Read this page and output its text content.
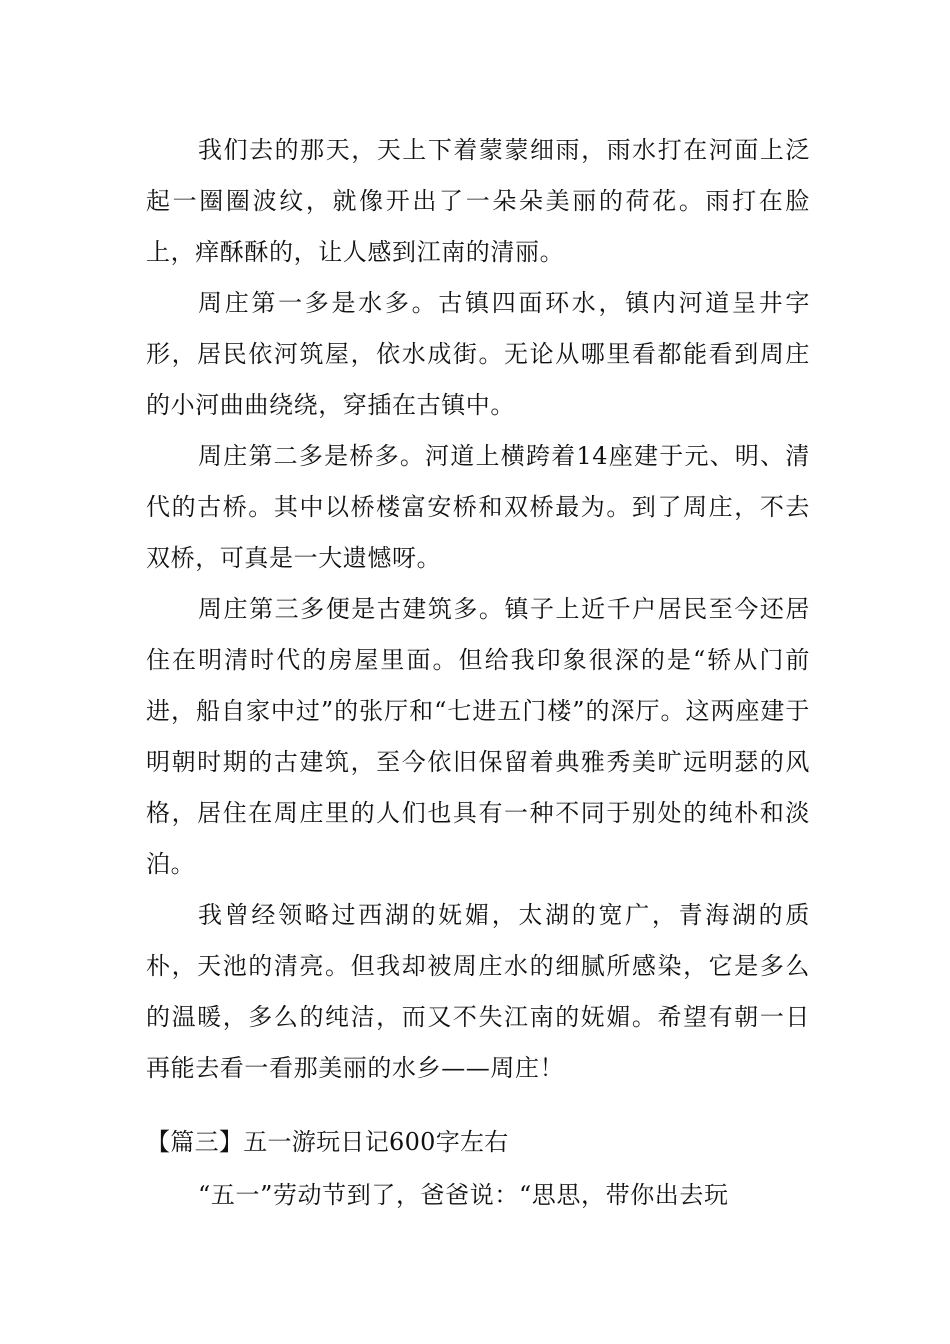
我们去的那天，天上下着蒙蒙细雨，雨水打在河面上泛起一圈圈波纹，就像开出了一朵朵美丽的荷花。雨打在脸上，痒酥酥的，让人感到江南的清丽。

周庄第一多是水多。古镇四面环水，镇内河道呈井字形，居民依河筑屋，依水成街。无论从哪里看都能看到周庄的小河曲曲绕绕，穿插在古镇中。

周庄第二多是桥多。河道上横跨着14座建于元、明、清代的古桥。其中以桥楼富安桥和双桥最为。到了周庄，不去双桥，可真是一大遗憾呀。

周庄第三多便是古建筑多。镇子上近千户居民至今还居住在明清时代的房屋里面。但给我印象很深的是“轿从门前进，船自家中过”的张厅和“七进五门楼”的深厅。这两座建于明朝时期的古建筑，至今依旧保留着典雅秀美旷远明瑟的风格，居住在周庄里的人们也具有一种不同于别处的纯朴和淡泊。

我曾经领略过西湖的妩媚，太湖的宽广，青海湖的质朴，天池的清亮。但我却被周庄水的细腻所感染，它是多么的温暖，多么的纯洁，而又不失江南的妩媚。希望有朝一日再能去看一看那美丽的水乡——周庄！

【篇三】五一游玩日记600字左右

“五一”劳动节到了，爸爸说：“思思，带你出去玩
